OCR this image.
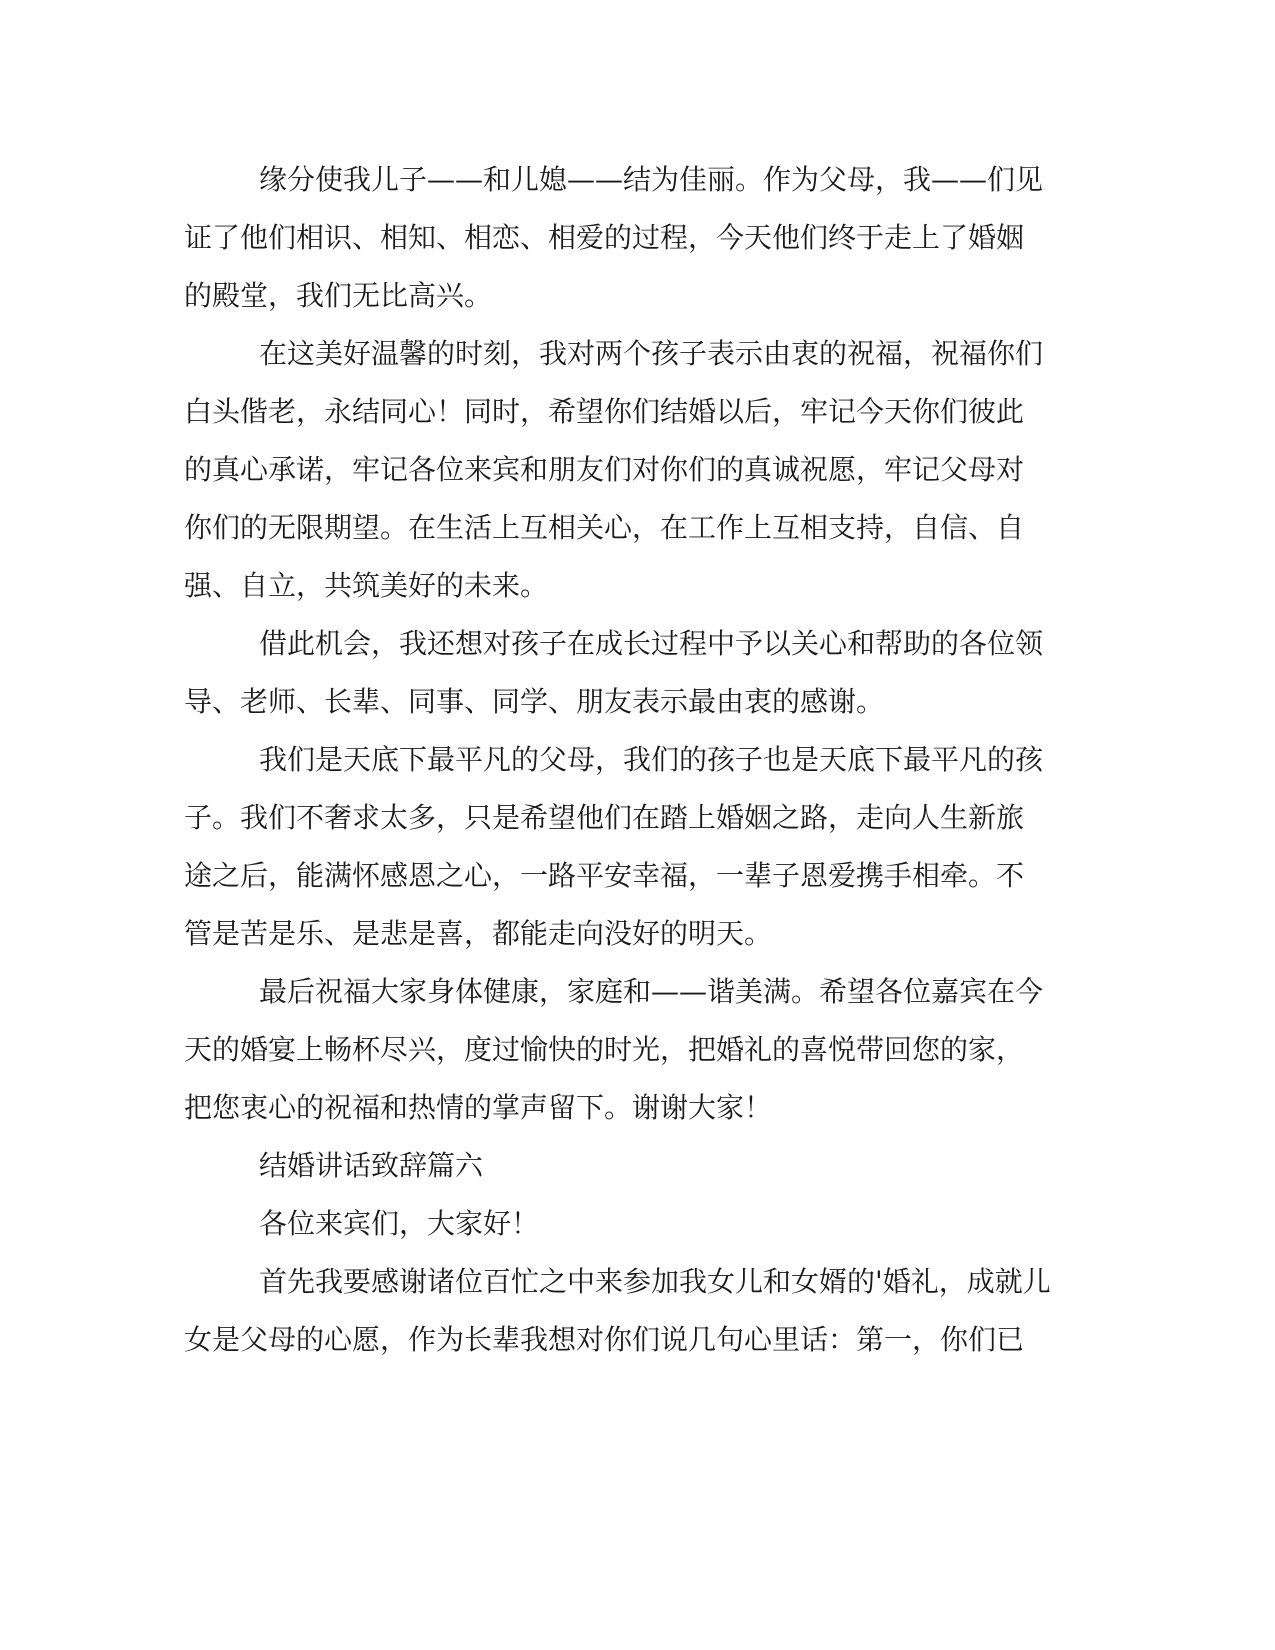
缘分使我儿子——和儿媳——结为佳丽。作为父母，我——们见
证了他们相识、相知、相恋、相爱的过程，今天他们终于走上了婚姻
的殿堂，我们无比高兴。
在这美好温馨的时刻，我对两个孩子表示由衷的祝福，祝福你们
白头偕老，永结同心！同时，希望你们结婚以后，牢记今天你们彼此
的真心承诺，牢记各位来宾和朋友们对你们的真诚祝愿，牢记父母对
你们的无限期望。在生活上互相关心，在工作上互相支持，自信、自
强、自立，共筑美好的未来。
借此机会，我还想对孩子在成长过程中予以关心和帮助的各位领
导、老师、长辈、同事、同学、朋友表示最由衷的感谢。
我们是天底下最平凡的父母，我们的孩子也是天底下最平凡的孩
子。我们不奢求太多，只是希望他们在踏上婚姻之路，走向人生新旅
途之后，能满怀感恩之心，一路平安幸福，一辈子恩爱携手相牵。不
管是苦是乐、是悲是喜，都能走向没好的明天。
最后祝福大家身体健康，家庭和——谐美满。希望各位嘉宾在今
天的婚宴上畅杯尽兴，度过愉快的时光，把婚礼的喜悦带回您的家，
把您衷心的祝福和热情的掌声留下。谢谢大家！
结婚讲话致辞篇六
各位来宾们，大家好！
首先我要感谢诸位百忙之中来参加我女儿和女婿的'婚礼，成就儿
女是父母的心愿，作为长辈我想对你们说几句心里话：第一，你们已
